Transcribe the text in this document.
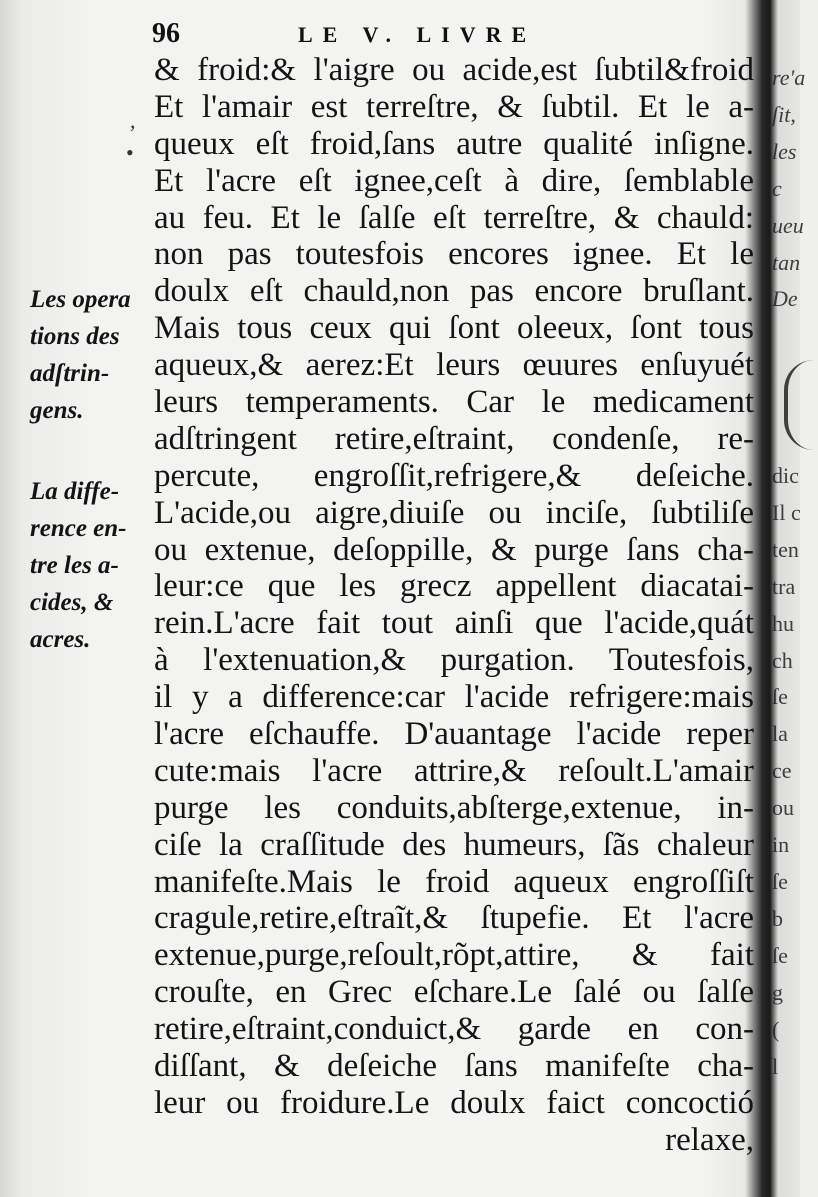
96	LE V. LIVRE
,
•
& froid:& l'aigre ou acide,est ſubtil&froid
Et l'amair est terreſtre, & ſubtil. Et le a-
queux eſt froid,ſans autre qualité inſigne.
Et l'acre eſt ignee,ceſt à dire, ſemblable
au feu. Et le ſalſe eſt terreſtre, & chauld:
non pas toutesfois encores ignee. Et le
doulx eſt chauld,non pas encore bruſlant.
Mais tous ceux qui ſont oleeux, ſont tous
aqueux,& aerez:Et leurs œuures enſuyuét
leurs temperaments. Car le medicament
adſtringent retire,eſtraint, condenſe, re-
percute, engroſſit,refrigere,& deſeiche.
L'acide,ou aigre,diuiſe ou inciſe, ſubtiliſe
ou extenue, deſoppille, & purge ſans cha-
leur:ce que les grecz appellent diacatai-
rein.L'acre fait tout ainſi que l'acide,quát
à l'extenuation,& purgation. Toutesfois,
il y a difference:car l'acide refrigere:mais
l'acre eſchauffe. D'auantage l'acide reper
cute:mais l'acre attrire,& reſoult.L'amair
purge les conduits,abſterge,extenue, in-
ciſe la craſſitude des humeurs, ſãs chaleur
manifeſte.Mais le froid aqueux engroſſiſt
cragule,retire,eſtraĩt,& ſtupefie. Et l'acre
extenue,purge,reſoult,rõpt,attire, & fait
crouſte, en Grec eſchare.Le ſalé ou ſalſe
retire,eſtraint,conduict,& garde en con-
diſſant, & deſeiche ſans manifeſte cha-
leur ou froidure.Le doulx faict concoctió
relaxe,
Les opera
tions des
adſtrin-
gens.
La diffe-
rence en-
tre les a-
cides, &
acres.
re'a
ſit,
les c
ueu
tan
De
dic
Il c
ten
tra
hu
ch
ſe
la
ce
ou
in
ſe
b
ſe
g
(
l
